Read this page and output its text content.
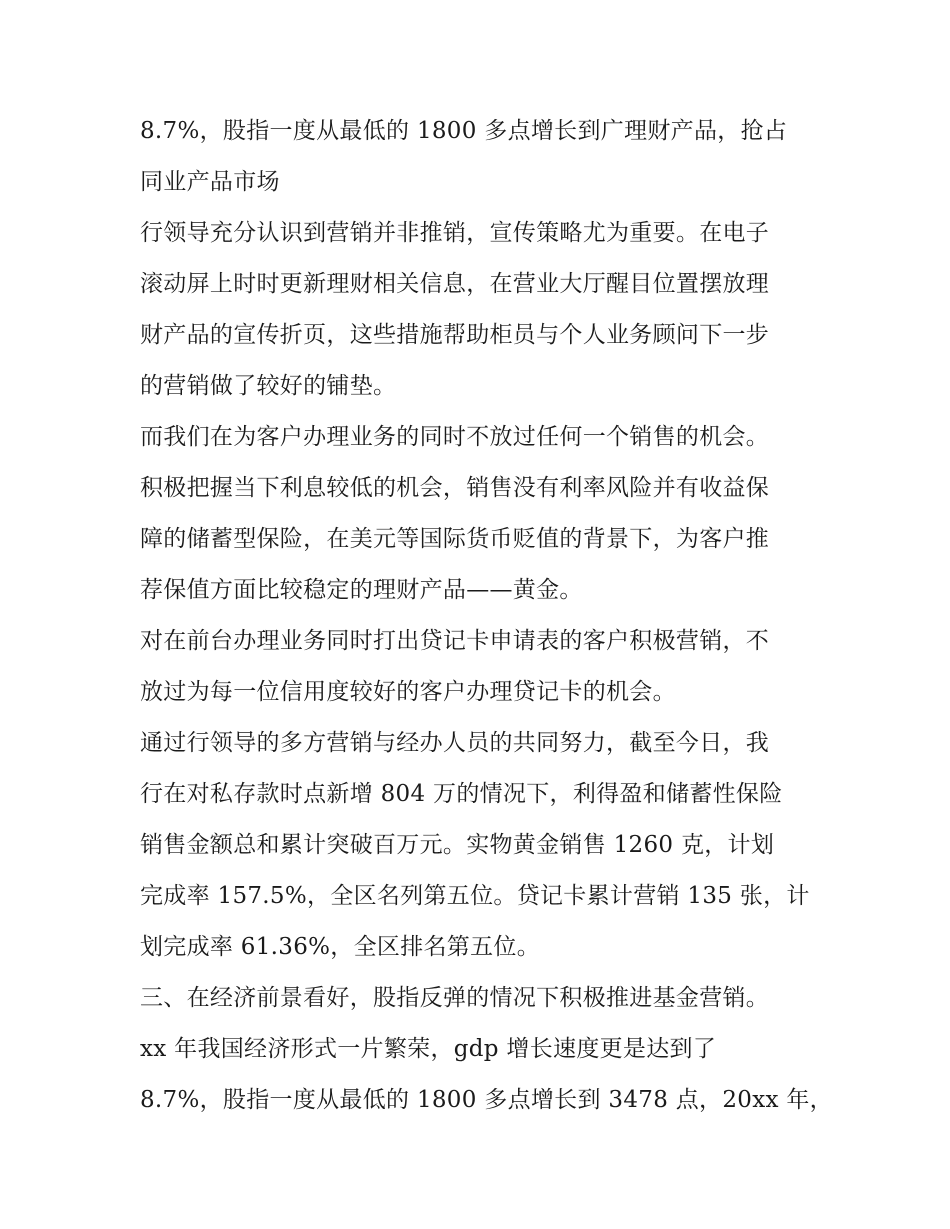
8.7%，股指一度从最低的 1800 多点增长到广理财产品，抢占
同业产品市场
行领导充分认识到营销并非推销，宣传策略尤为重要。在电子
滚动屏上时时更新理财相关信息，在营业大厅醒目位置摆放理
财产品的宣传折页，这些措施帮助柜员与个人业务顾问下一步
的营销做了较好的铺垫。
而我们在为客户办理业务的同时不放过任何一个销售的机会。
积极把握当下利息较低的机会，销售没有利率风险并有收益保
障的储蓄型保险，在美元等国际货币贬值的背景下，为客户推
荐保值方面比较稳定的理财产品——黄金。
对在前台办理业务同时打出贷记卡申请表的客户积极营销，不
放过为每一位信用度较好的客户办理贷记卡的机会。
通过行领导的多方营销与经办人员的共同努力，截至今日，我
行在对私存款时点新增 804 万的情况下，利得盈和储蓄性保险
销售金额总和累计突破百万元。实物黄金销售 1260 克，计划
完成率 157.5%，全区名列第五位。贷记卡累计营销 135 张，计
划完成率 61.36%，全区排名第五位。
三、在经济前景看好，股指反弹的情况下积极推进基金营销。
xx 年我国经济形式一片繁荣，gdp 增长速度更是达到了
8.7%，股指一度从最低的 1800 多点增长到 3478 点，20xx 年，
